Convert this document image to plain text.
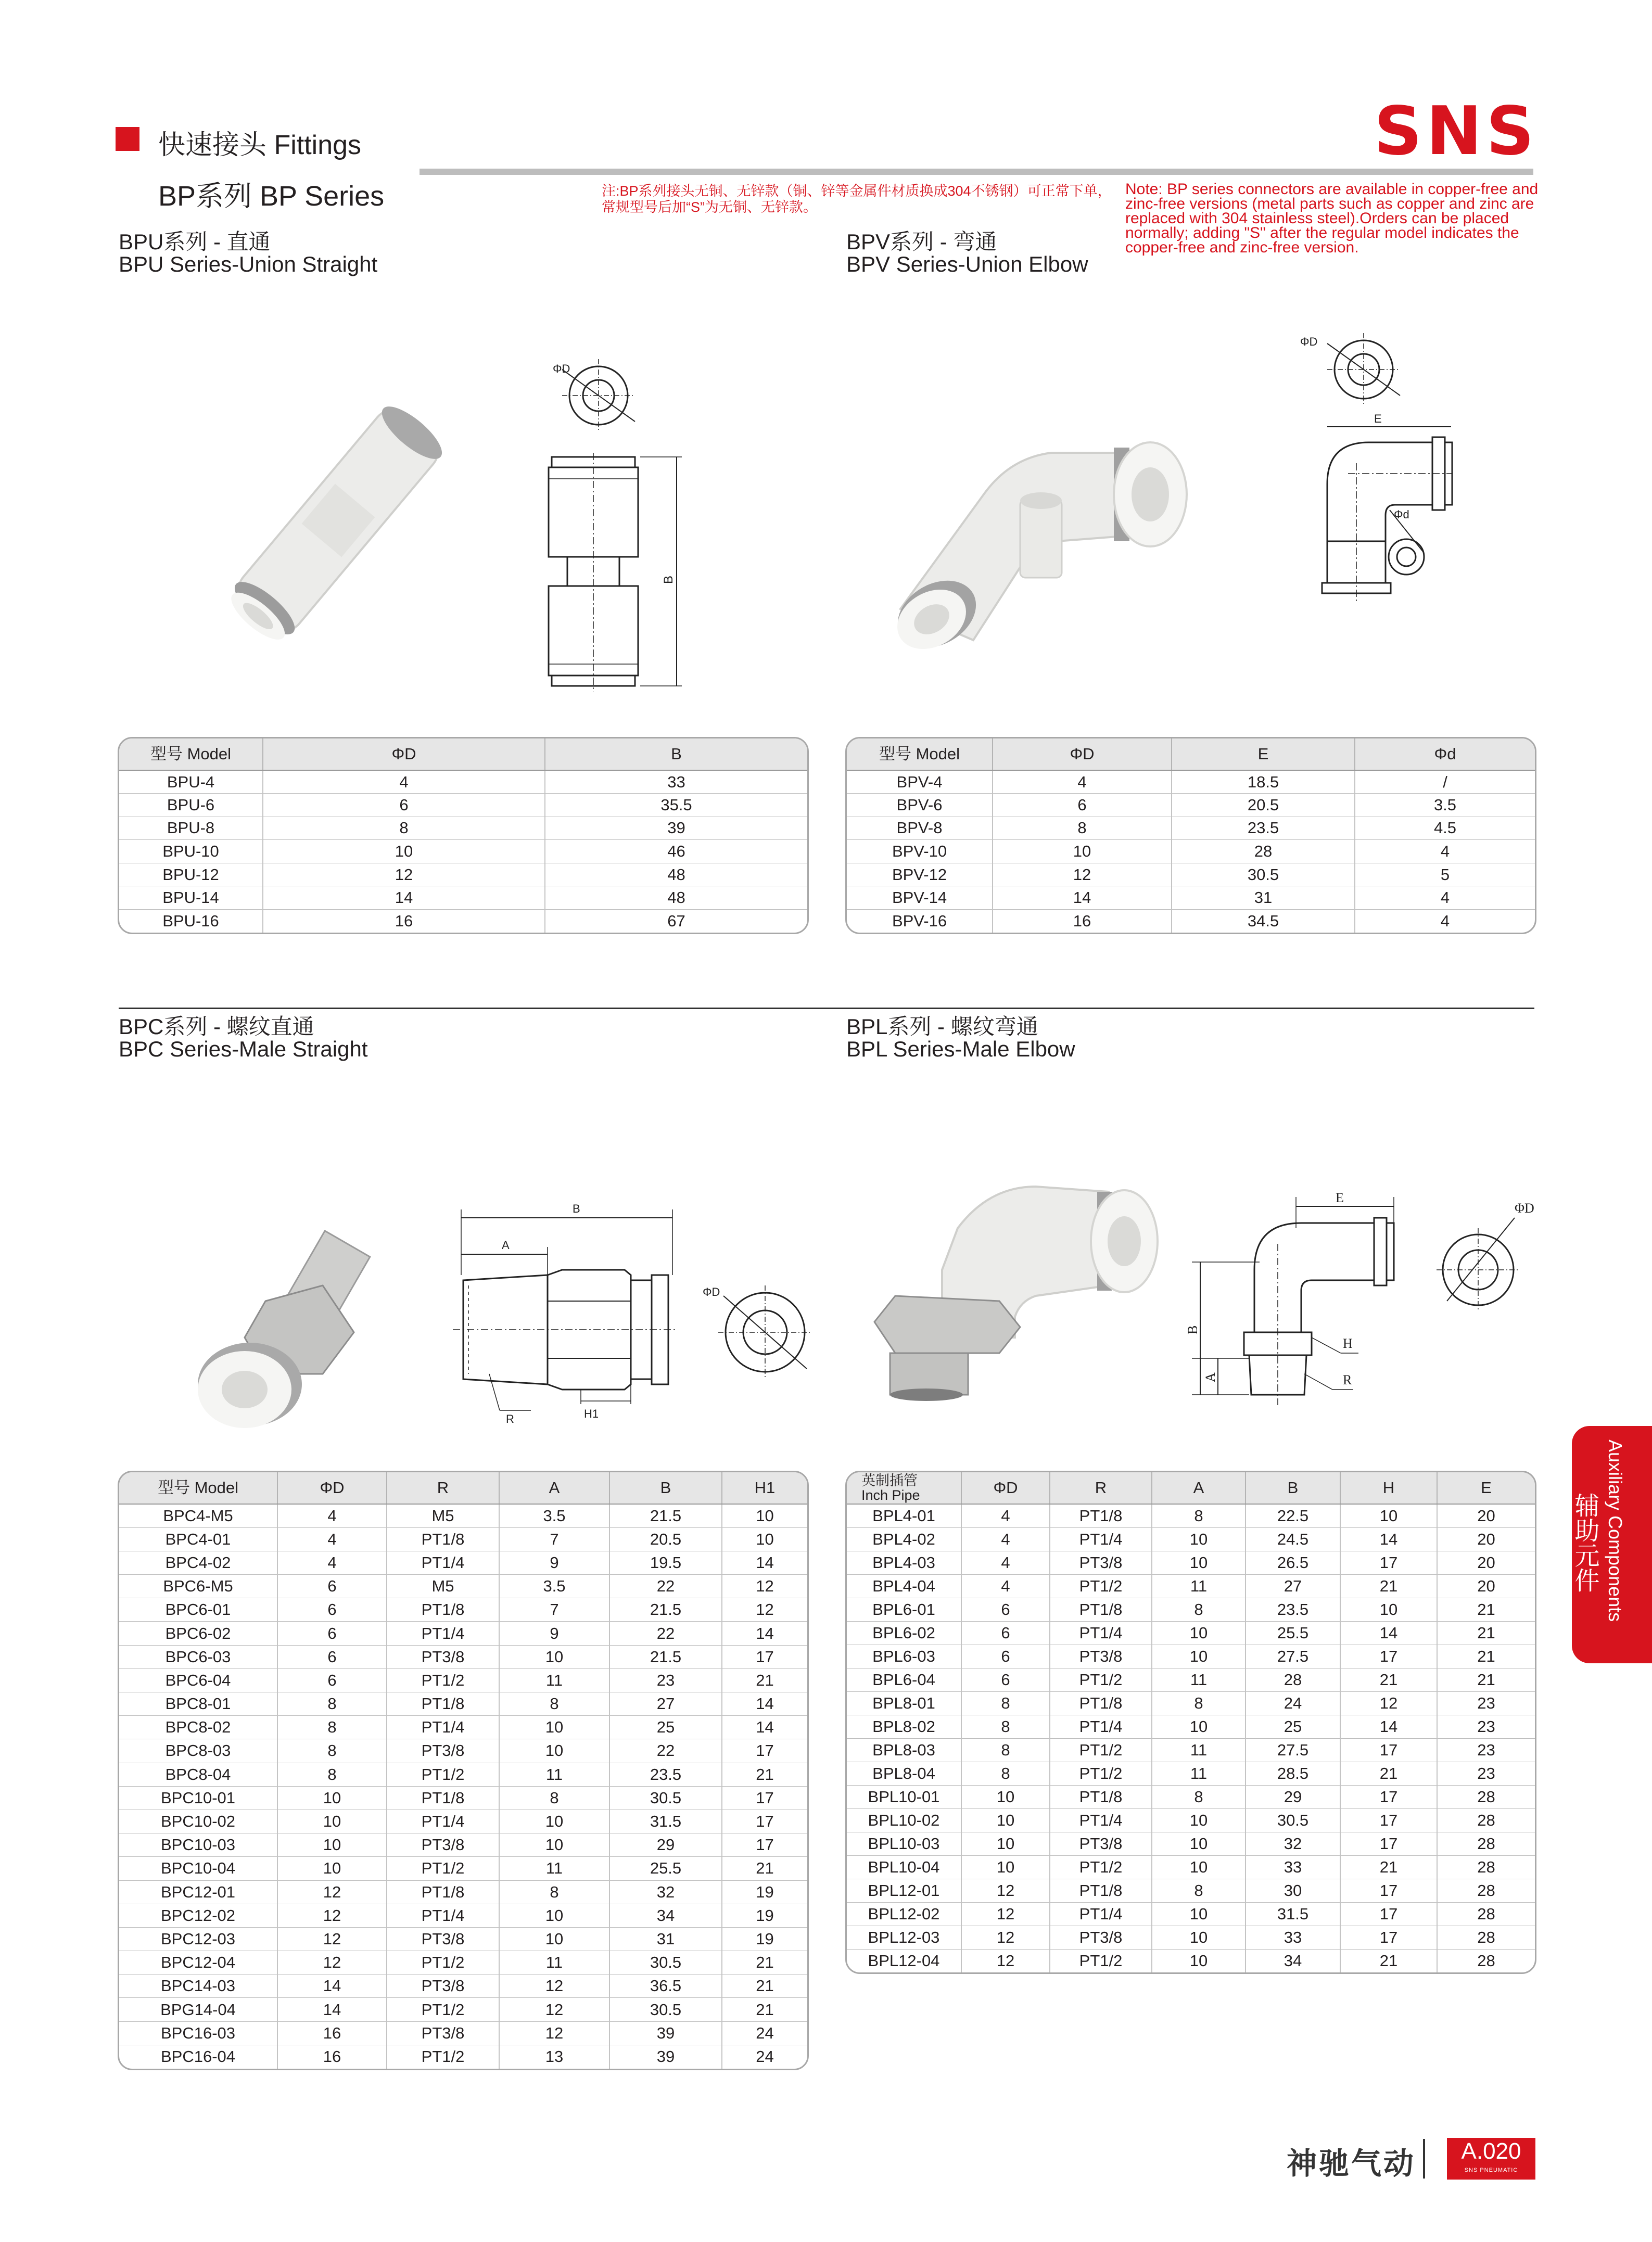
快速接头 Fittings	SNS
BP系列 BP Series	注:BP系列接头无铜、无锌款（铜、锌等金属件材质换成304不锈钢）可正常下单，常规型号后加“S”为无铜、无锌款。
Note: BP series connectors are available in copper-free and zinc-free versions (metal parts such as copper and zinc are replaced with 304 stainless steel).Orders can be placed normally; adding "S" after the regular model indicates the copper-free and zinc-free version.
BPU系列 - 直通
BPU Series-Union Straight
ΦD
B
型号 Model	ΦD	B
BPU-4	4	33
BPU-6	6	35.5
BPU-8	8	39
BPU-10	10	46
BPU-12	12	48
BPU-14	14	48
BPU-16	16	67
BPV系列 - 弯通
BPV Series-Union Elbow
ΦD
E
Φd
型号 Model	ΦD	E	Φd
BPV-4	4	18.5	/
BPV-6	6	20.5	3.5
BPV-8	8	23.5	4.5
BPV-10	10	28	4
BPV-12	12	30.5	5
BPV-14	14	31	4
BPV-16	16	34.5	4
BPC系列 - 螺纹直通
BPC Series-Male Straight
B
A
R	H1
ΦD
型号 Model	ΦD	R	A	B	H1
BPC4-M5	4	M5	3.5	21.5	10
BPC4-01	4	PT1/8	7	20.5	10
BPC4-02	4	PT1/4	9	19.5	14
BPC6-M5	6	M5	3.5	22	12
BPC6-01	6	PT1/8	7	21.5	12
BPC6-02	6	PT1/4	9	22	14
BPC6-03	6	PT3/8	10	21.5	17
BPC6-04	6	PT1/2	11	23	21
BPC8-01	8	PT1/8	8	27	14
BPC8-02	8	PT1/4	10	25	14
BPC8-03	8	PT3/8	10	22	17
BPC8-04	8	PT1/2	11	23.5	21
BPC10-01	10	PT1/8	8	30.5	17
BPC10-02	10	PT1/4	10	31.5	17
BPC10-03	10	PT3/8	10	29	17
BPC10-04	10	PT1/2	11	25.5	21
BPC12-01	12	PT1/8	8	32	19
BPC12-02	12	PT1/4	10	34	19
BPC12-03	12	PT3/8	10	31	19
BPC12-04	12	PT1/2	11	30.5	21
BPC14-03	14	PT3/8	12	36.5	21
BPG14-04	14	PT1/2	12	30.5	21
BPC16-03	16	PT3/8	12	39	24
BPC16-04	16	PT1/2	13	39	24
BPL系列 - 螺纹弯通
BPL Series-Male Elbow
E
B
A
H
R
ΦD
英制插管
Inch Pipe	ΦD	R	A	B	H	E
BPL4-01	4	PT1/8	8	22.5	10	20
BPL4-02	4	PT1/4	10	24.5	14	20
BPL4-03	4	PT3/8	10	26.5	17	20
BPL4-04	4	PT1/2	11	27	21	20
BPL6-01	6	PT1/8	8	23.5	10	21
BPL6-02	6	PT1/4	10	25.5	14	21
BPL6-03	6	PT3/8	10	27.5	17	21
BPL6-04	6	PT1/2	11	28	21	21
BPL8-01	8	PT1/8	8	24	12	23
BPL8-02	8	PT1/4	10	25	14	23
BPL8-03	8	PT1/2	11	27.5	17	23
BPL8-04	8	PT1/2	11	28.5	21	23
BPL10-01	10	PT1/8	8	29	17	28
BPL10-02	10	PT1/4	10	30.5	17	28
BPL10-03	10	PT3/8	10	32	17	28
BPL10-04	10	PT1/2	10	33	21	28
BPL12-01	12	PT1/8	8	30	17	28
BPL12-02	12	PT1/4	10	31.5	17	28
BPL12-03	12	PT3/8	10	33	17	28
BPL12-04	12	PT1/2	10	34	21	28
辅助元件 Auxiliary Components
神驰气动	A.020
SNS PNEUMATIC
